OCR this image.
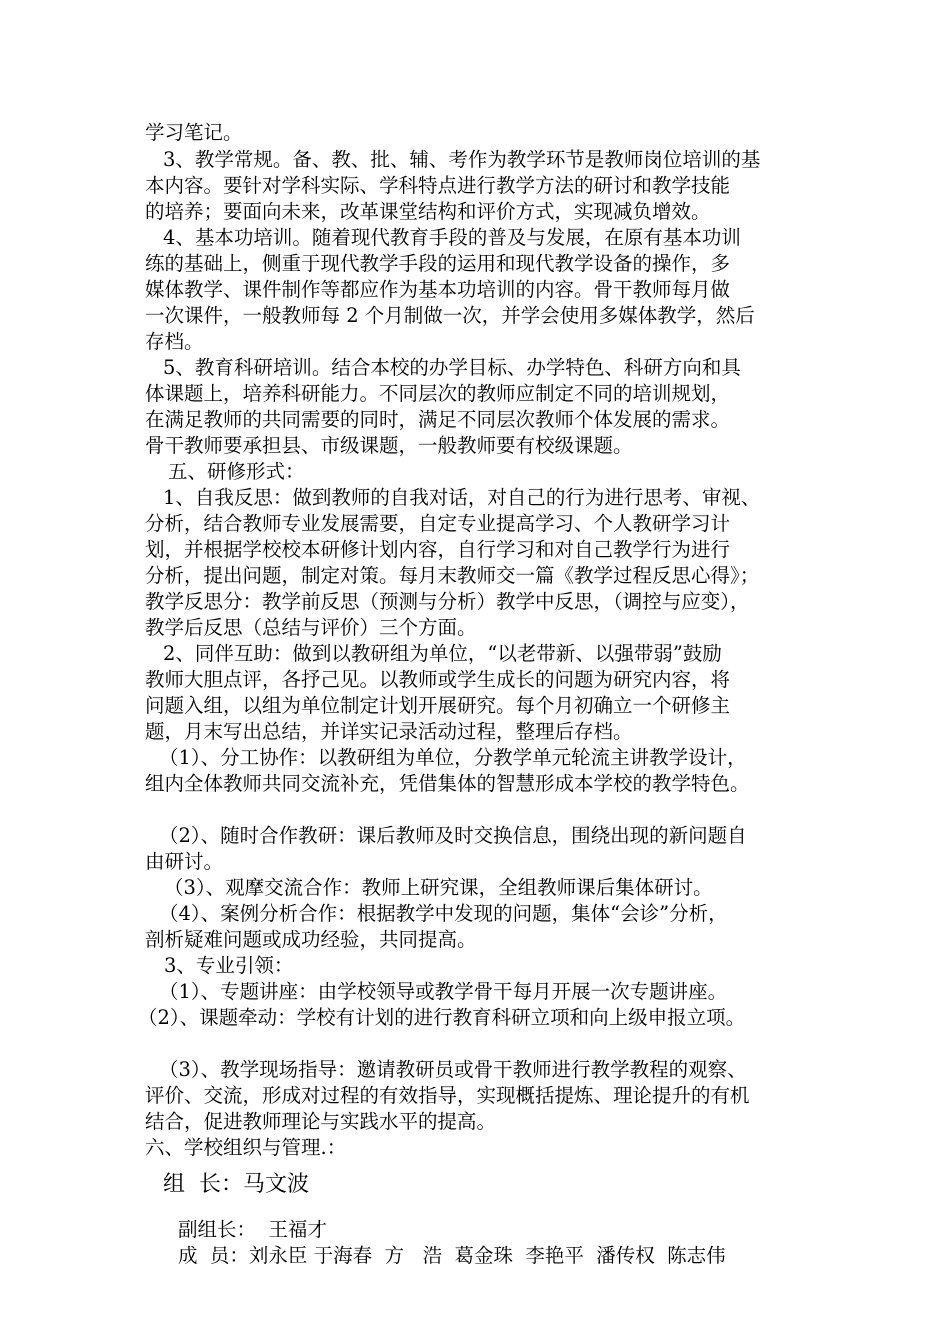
学习笔记。
3、教学常规。备、教、批、辅、考作为教学环节是教师岗位培训的基
本内容。要针对学科实际、学科特点进行教学方法的研讨和教学技能
的培养；要面向未来，改革课堂结构和评价方式，实现减负增效。
4、基本功培训。随着现代教育手段的普及与发展，在原有基本功训
练的基础上，侧重于现代教学手段的运用和现代教学设备的操作，多
媒体教学、课件制作等都应作为基本功培训的内容。骨干教师每月做
一次课件，一般教师每 2 个月制做一次，并学会使用多媒体教学，然后
存档。
5、教育科研培训。结合本校的办学目标、办学特色、科研方向和具
体课题上，培养科研能力。不同层次的教师应制定不同的培训规划，
在满足教师的共同需要的同时，满足不同层次教师个体发展的需求。
骨干教师要承担县、市级课题，一般教师要有校级课题。
五、研修形式：
1、自我反思：做到教师的自我对话，对自己的行为进行思考、审视、
分析，结合教师专业发展需要，自定专业提高学习、个人教研学习计
划，并根据学校校本研修计划内容，自行学习和对自己教学行为进行
分析，提出问题，制定对策。每月末教师交一篇《教学过程反思心得》；
教学反思分：教学前反思（预测与分析）教学中反思，（调控与应变），
教学后反思（总结与评价）三个方面。
2、同伴互助：做到以教研组为单位，“以老带新、以强带弱”鼓励
教师大胆点评，各抒己见。以教师或学生成长的问题为研究内容，将
问题入组，以组为单位制定计划开展研究。每个月初确立一个研修主
题，月末写出总结，并详实记录活动过程，整理后存档。
（1）、分工协作：以教研组为单位，分教学单元轮流主讲教学设计，
组内全体教师共同交流补充，凭借集体的智慧形成本学校的教学特色。
（2）、随时合作教研：课后教师及时交换信息，围绕出现的新问题自
由研讨。
（3）、观摩交流合作：教师上研究课，全组教师课后集体研讨。
（4）、案例分析合作：根据教学中发现的问题，集体“会诊”分析，
剖析疑难问题或成功经验，共同提高。
3、专业引领：
（1）、专题讲座：由学校领导或教学骨干每月开展一次专题讲座。
（2）、课题牵动：学校有计划的进行教育科研立项和向上级申报立项。
（3）、教学现场指导：邀请教研员或骨干教师进行教学教程的观察、
评价、交流，形成对过程的有效指导，实现概括提炼、理论提升的有机
结合，促进教师理论与实践水平的提高。
六、学校组织与管理.：
组  长：马文波
副组长：  王福才
成  员：刘永臣 于海春  方   浩  葛金珠  李艳平  潘传权  陈志伟
